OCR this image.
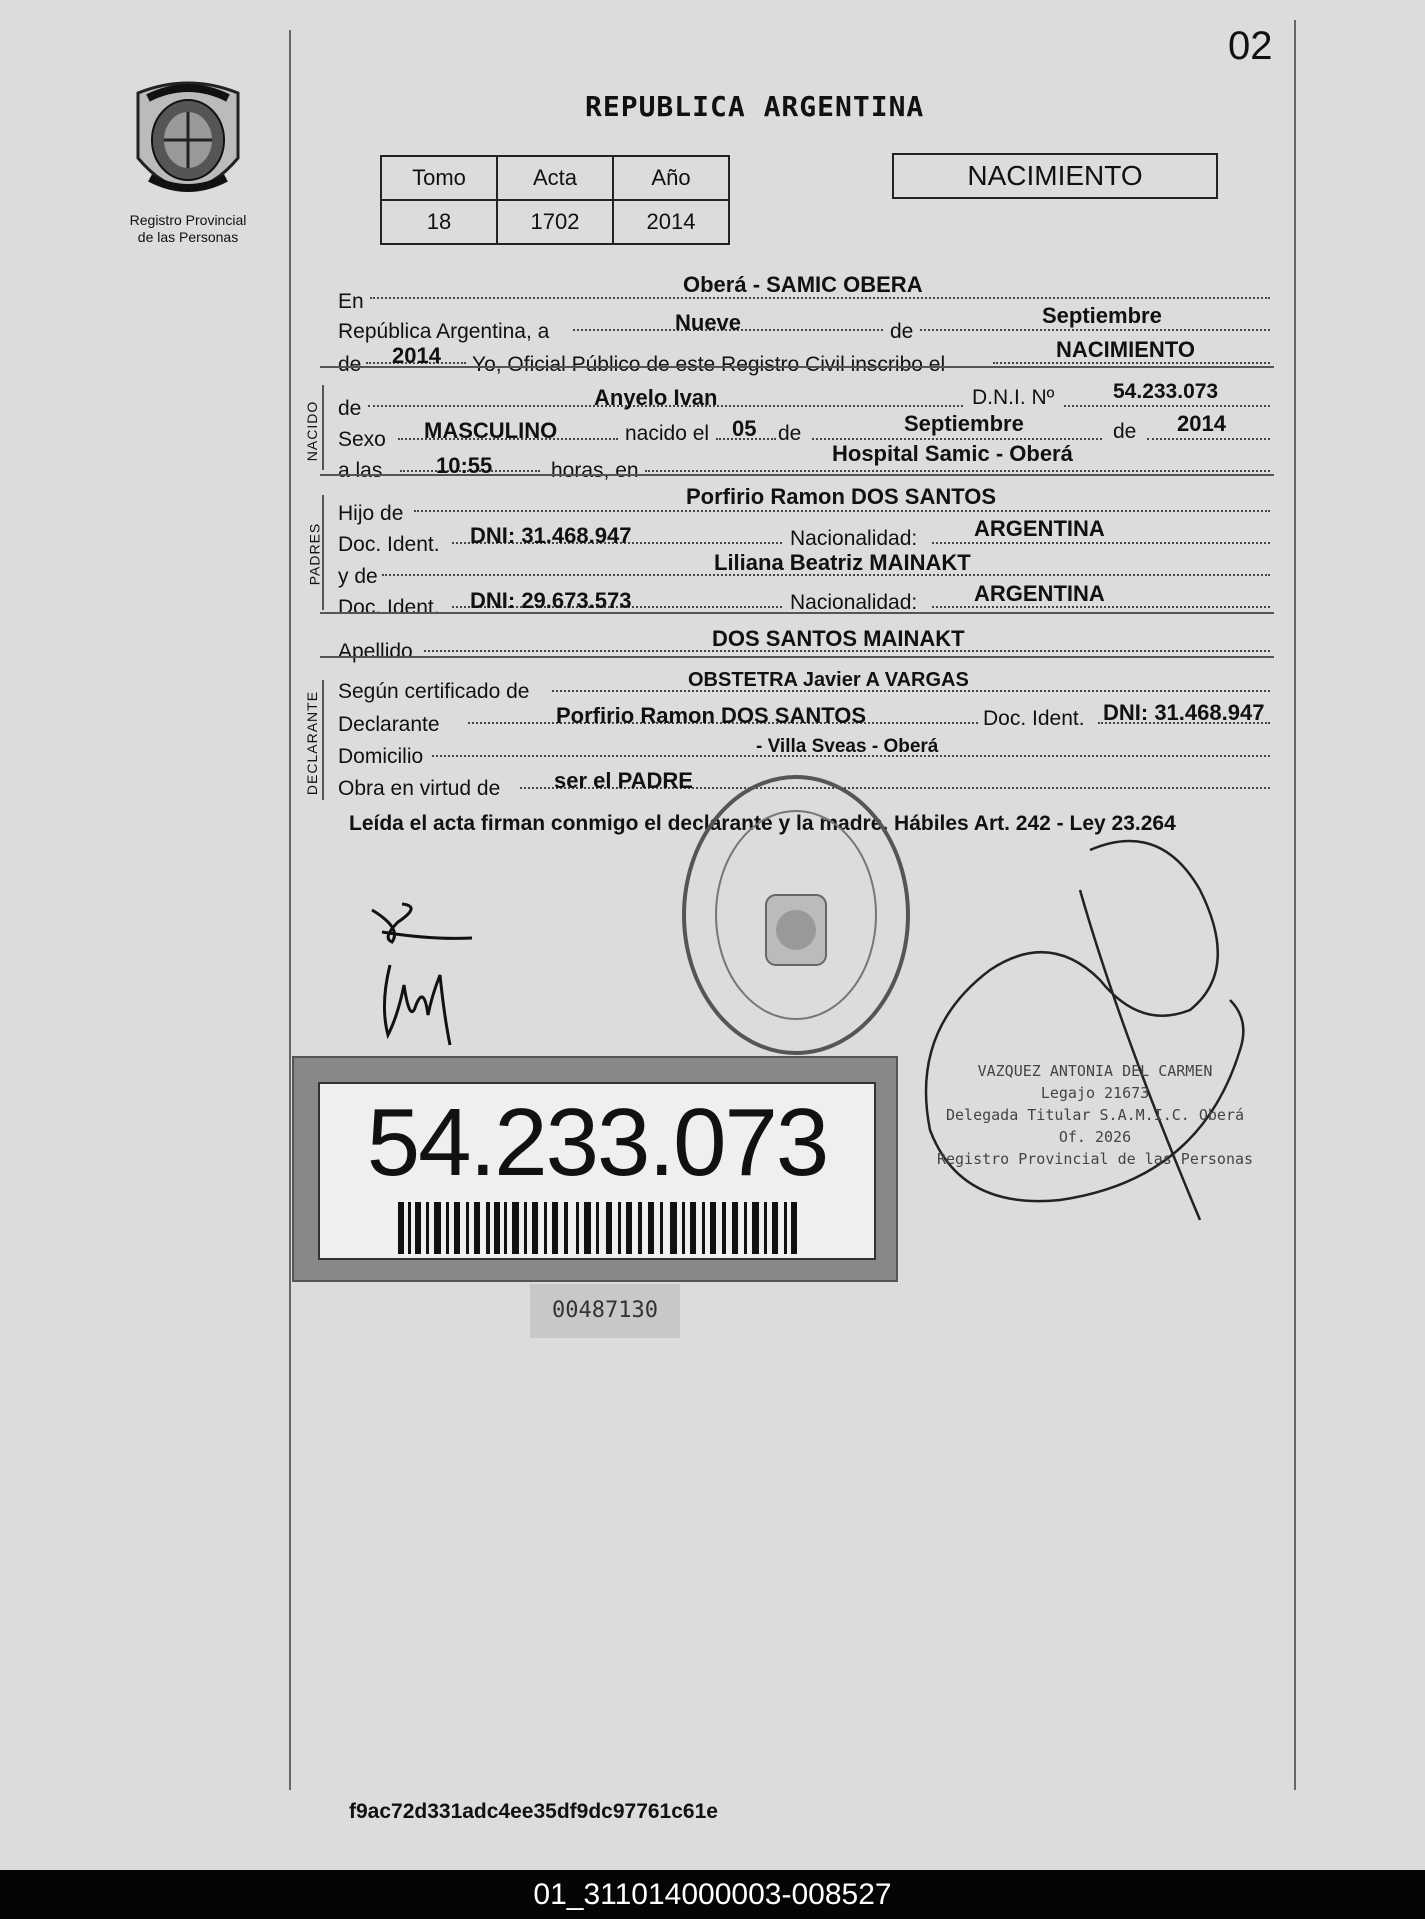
02
Registro Provincial
de las Personas
REPUBLICA ARGENTINA
Tomo	Acta	Año
18	1702	2014
NACIMIENTO
En
Oberá - SAMIC OBERA
República Argentina, a	Nueve	de
Septiembre
de 2014 Yo, Oficial Público de este Registro Civil inscribo el
NACIMIENTO
NACIDO de	Anyelo Ivan	D.N.I. Nº	54.233.073
Sexo MASCULINO	nacido el 05 de	Septiembre	de 2014
a las 10:55	horas, en
Hospital Samic - Oberá
PADRES
Hijo de
Porfirio Ramon DOS SANTOS
Doc. Ident. DNI: 31.468.947	Nacionalidad:	ARGENTINA
y de
Liliana Beatriz MAINAKT
Doc. Ident. DNI: 29.673.573	Nacionalidad:	ARGENTINA
Apellido
DOS SANTOS MAINAKT
DECLARANTE Según certificado de	OBSTETRA Javier A VARGAS
Declarante	Porfirio Ramon DOS SANTOS	Doc. Ident. DNI: 31.468.947
Domicilio	- Villa Sveas - Oberá
Obra en virtud de ser el PADRE
Leída el acta firman conmigo el declarante y la madre. Hábiles Art. 242 - Ley 23.264
VAZQUEZ ANTONIA DEL CARMEN
Legajo 21673
Delegada Titular S.A.M.I.C. Oberá Of. 2026
Registro Provincial de las Personas
54.233.073
00487130
f9ac72d331adc4ee35df9dc97761c61e
01_311014000003-008527
